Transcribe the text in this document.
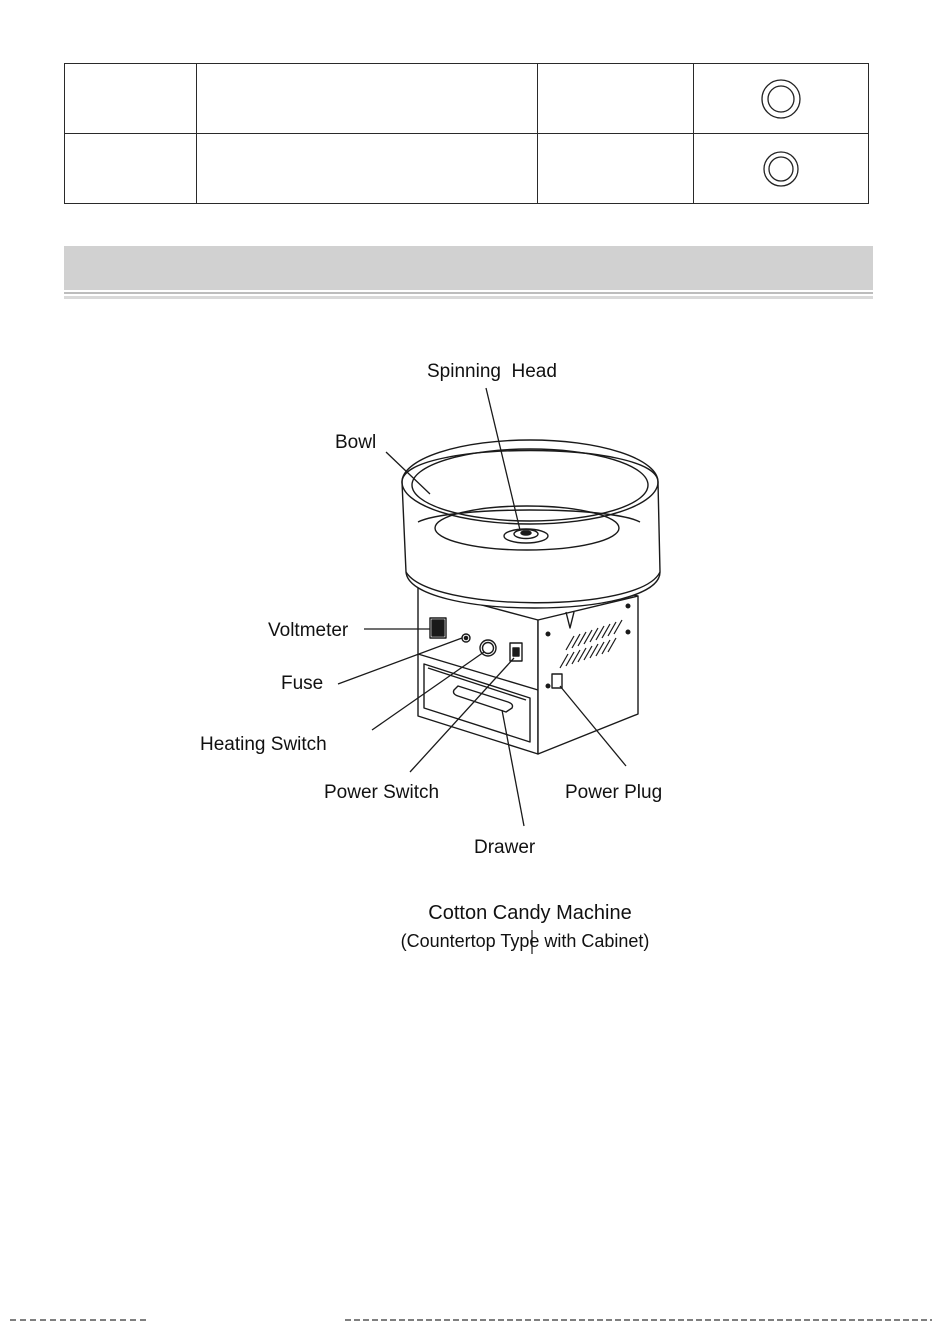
Spinning  Head
Bowl
Voltmeter
Fuse
Heating Switch
Power Switch	Power Plug
Drawer
Cotton Candy Machine
(Countertop Type with Cabinet)
